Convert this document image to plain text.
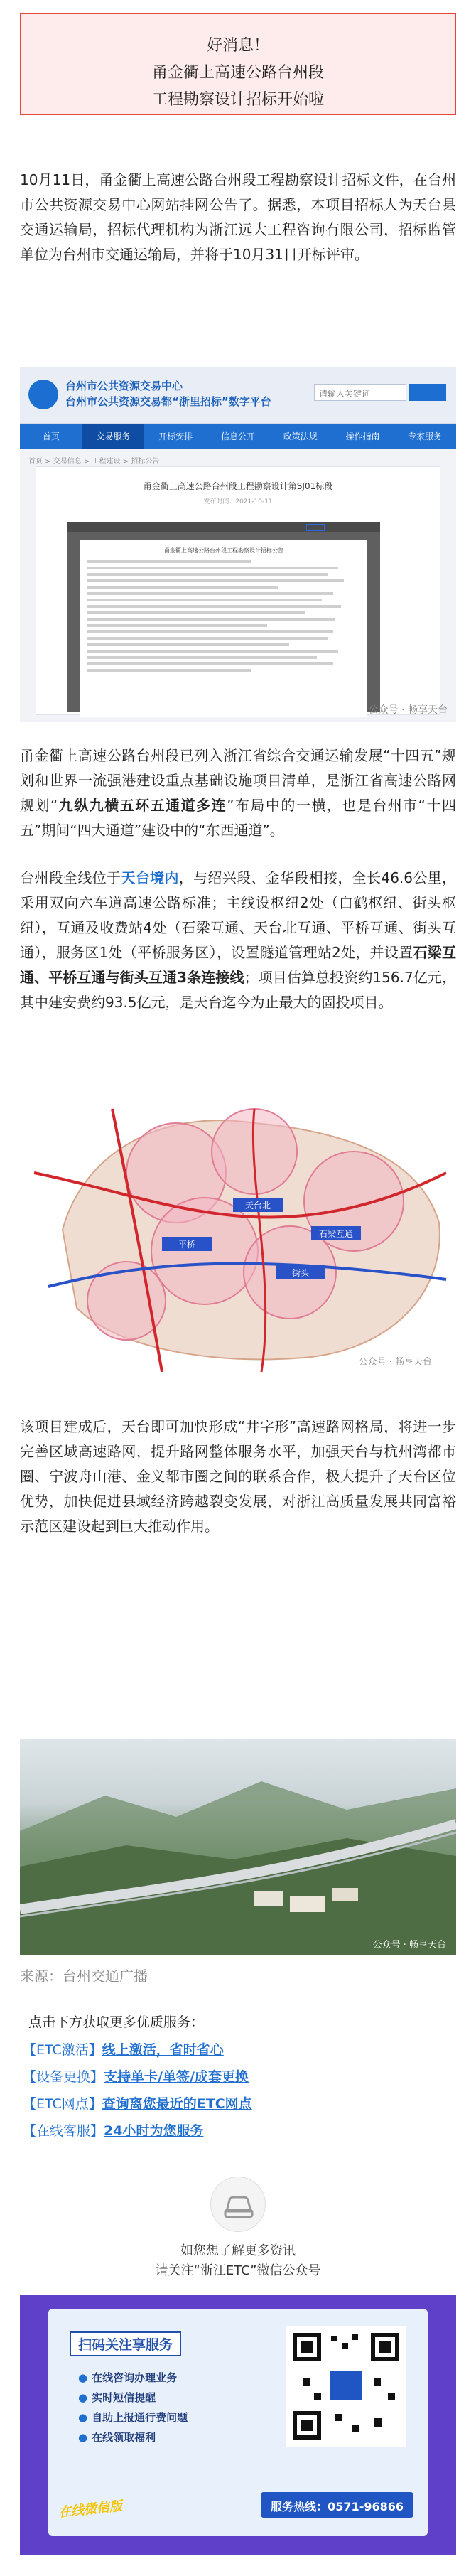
好消息！
甬金衢上高速公路台州段
工程勘察设计招标开始啦
10月11日，甬金衢上高速公路台州段工程勘察设计招标文件，在台州市公共资源交易中心网站挂网公告了。据悉，本项目招标人为天台县交通运输局，招标代理机构为浙江远大工程咨询有限公司，招标监管单位为台州市交通运输局，并将于10月31日开标评审。
台州市公共资源交易中心
台州市公共资源交易都“浙里招标”数字平台
请输入关键词
首页	交易服务	开标安排	信息公开	政策法规	操作指南	专家服务
首页 > 交易信息 > 工程建设 > 招标公告
甬金衢上高速公路台州段工程勘察设计第SJ01标段
发布时间：2021-10-11
甬金衢上高速公路台州段工程勘察设计招标公告
公众号 · 畅享天台
甬金衢上高速公路台州段已列入浙江省综合交通运输发展“十四五”规划和世界一流强港建设重点基础设施项目清单，是浙江省高速公路网规划“九纵九横五环五通道多连”布局中的一横，也是台州市“十四五”期间“四大通道”建设中的“东西通道”。
天台北
石梁互通
平桥
街头
公众号 · 畅享天台
公众号 · 畅享天台
来源：台州交通广播
点击下方获取更多优质服务：
【ETC激活】线上激活，省时省心
【设备更换】支持单卡/单签/成套更换
【ETC网点】查询离您最近的ETC网点
【在线客服】24小时为您服务
如您想了解更多资讯
请关注“浙江ETC”微信公众号
扫码关注享服务
● 在线咨询办理业务
● 实时短信提醒
● 自助上报通行费问题
● 在线领取福利
在线微信版	服务热线：0571-96866
台州段全线位于天台境内，与绍兴段、金华段相接，全长46.6公里，采用双向六车道高速公路标准；主线设枢纽2处（白鹤枢纽、街头枢纽），互通及收费站4处（石梁互通、天台北互通、平桥互通、街头互通），服务区1处（平桥服务区），设置隧道管理站2处，并设置石梁互通、平桥互通与街头互通3条连接线；项目估算总投资约156.7亿元，其中建安费约93.5亿元，是天台迄今为止最大的固投项目。
该项目建成后，天台即可加快形成“井字形”高速路网格局，将进一步完善区域高速路网，提升路网整体服务水平，加强天台与杭州湾都市圈、宁波舟山港、金义都市圈之间的联系合作，极大提升了天台区位优势，加快促进县域经济跨越裂变发展，对浙江高质量发展共同富裕示范区建设起到巨大推动作用。
